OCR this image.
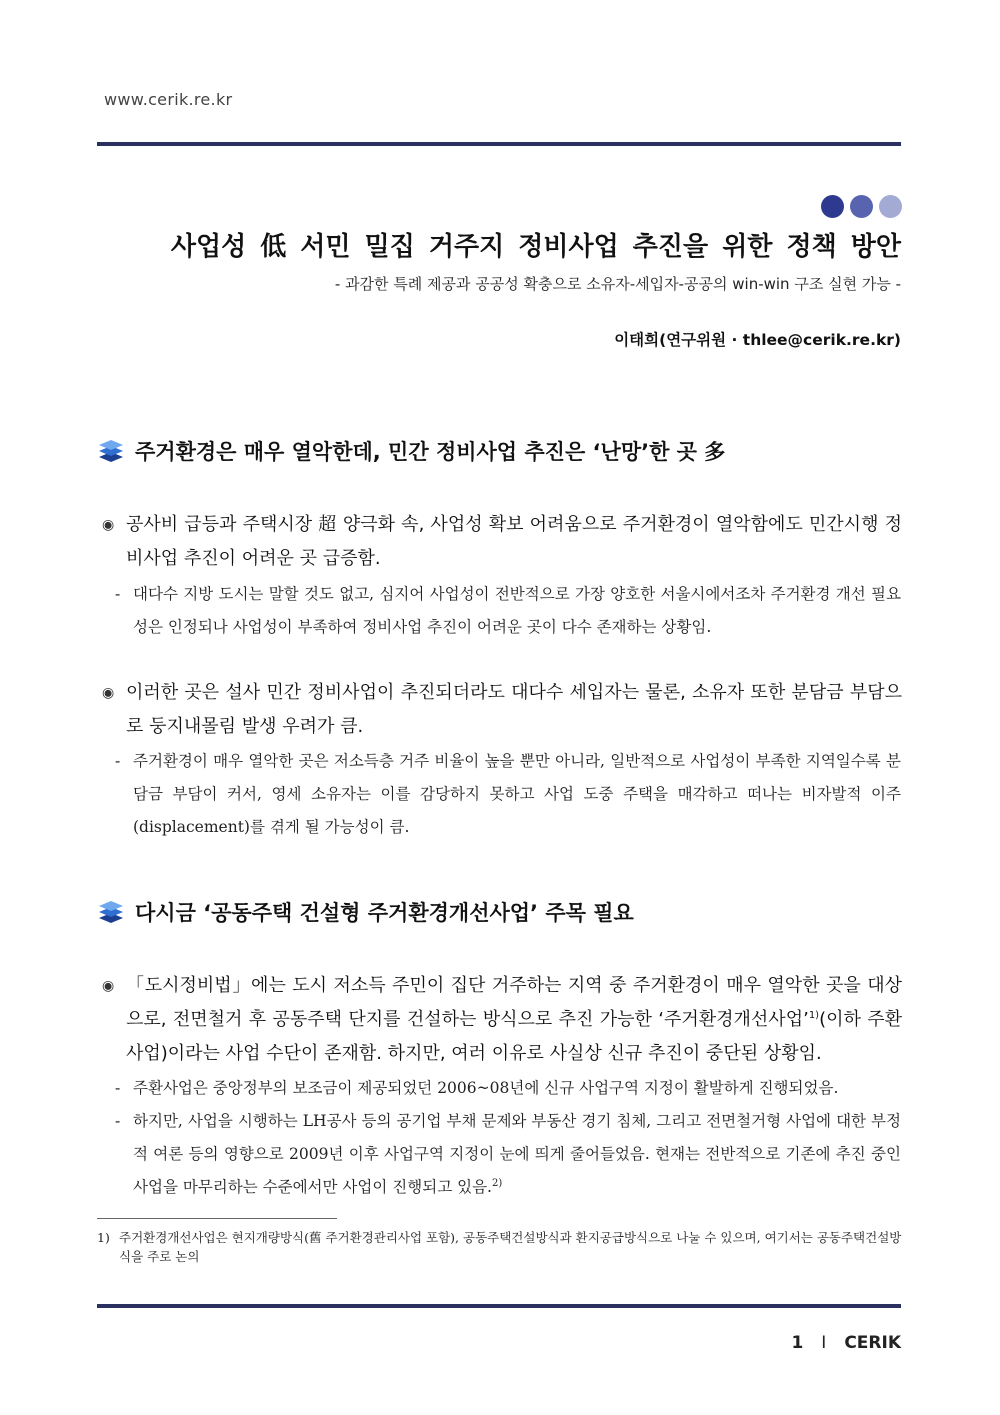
www.cerik.re.kr
사업성 低 서민 밀집 거주지 정비사업 추진을 위한 정책 방안
- 과감한 특례 제공과 공공성 확충으로 소유자-세입자-공공의 win-win 구조 실현 가능 -
이태희(연구위원 · thlee@cerik.re.kr)
주거환경은 매우 열악한데, 민간 정비사업 추진은 ‘난망’한 곳 多
◉ 공사비 급등과 주택시장 超 양극화 속, 사업성 확보 어려움으로 주거환경이 열악함에도 민간시행 정비사업 추진이 어려운 곳 급증함.
- 대다수 지방 도시는 말할 것도 없고, 심지어 사업성이 전반적으로 가장 양호한 서울시에서조차 주거환경 개선 필요성은 인정되나 사업성이 부족하여 정비사업 추진이 어려운 곳이 다수 존재하는 상황임.
◉ 이러한 곳은 설사 민간 정비사업이 추진되더라도 대다수 세입자는 물론, 소유자 또한 분담금 부담으로 둥지내몰림 발생 우려가 큼.
- 주거환경이 매우 열악한 곳은 저소득층 거주 비율이 높을 뿐만 아니라, 일반적으로 사업성이 부족한 지역일수록 분담금 부담이 커서, 영세 소유자는 이를 감당하지 못하고 사업 도중 주택을 매각하고 떠나는 비자발적 이주(displacement)를 겪게 될 가능성이 큼.
다시금 ‘공동주택 건설형 주거환경개선사업’ 주목 필요
◉ 「도시정비법」에는 도시 저소득 주민이 집단 거주하는 지역 중 주거환경이 매우 열악한 곳을 대상으로, 전면철거 후 공동주택 단지를 건설하는 방식으로 추진 가능한 ‘주거환경개선사업’$^{1)}$(이하 주환사업)이라는 사업 수단이 존재함. 하지만, 여러 이유로 사실상 신규 추진이 중단된 상황임.
- 주환사업은 중앙정부의 보조금이 제공되었던 2006~08년에 신규 사업구역 지정이 활발하게 진행되었음.
- 하지만, 사업을 시행하는 LH공사 등의 공기업 부채 문제와 부동산 경기 침체, 그리고 전면철거형 사업에 대한 부정적 여론 등의 영향으로 2009년 이후 사업구역 지정이 눈에 띄게 줄어들었음. 현재는 전반적으로 기존에 추진 중인 사업을 마무리하는 수준에서만 사업이 진행되고 있음.$^{2)}$
1) 주거환경개선사업은 현지개량방식(舊 주거환경관리사업 포함), 공동주택건설방식과 환지공급방식으로 나눌 수 있으며, 여기서는 공동주택건설방식을 주로 논의
1 I CERIK
